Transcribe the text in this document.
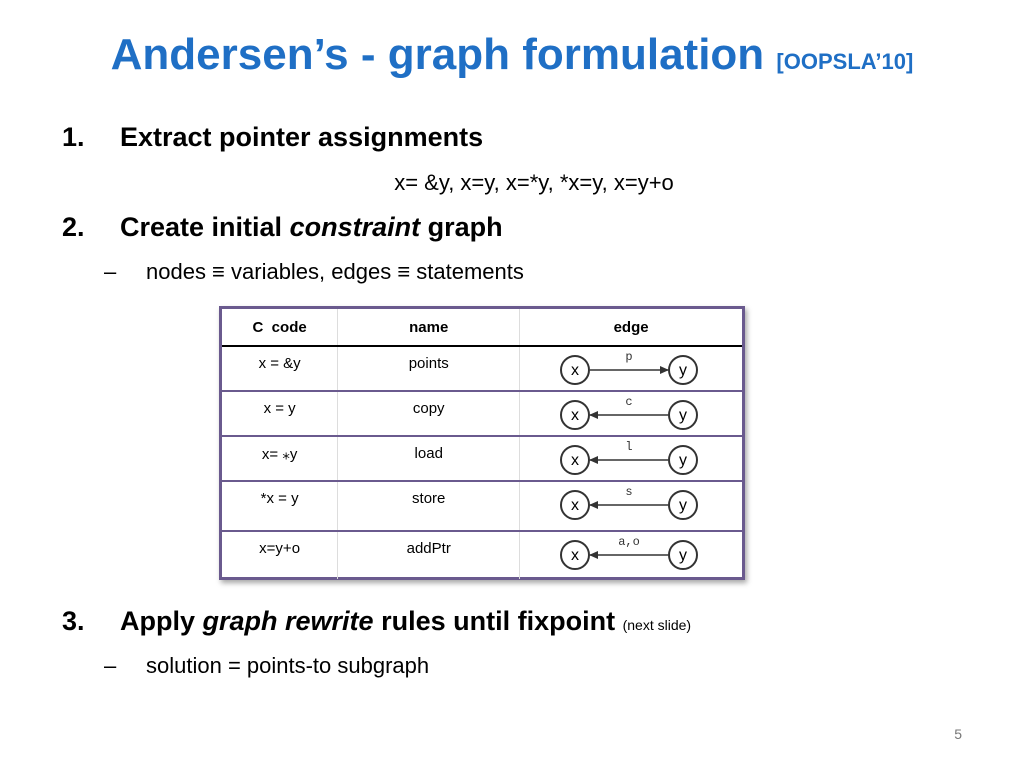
Andersen’s - graph formulation [OOPSLA’10]
1. Extract pointer assignments
x= &y, x=y, x=*y, *x=y, x=y+o
2. Create initial constraint graph
– nodes ≡ variables, edges ≡ statements
C  code	name	edge
x = &y	points	x y
p

x = y	copy	x y
c

x= ⁎y	load	x y
l

*x = y	store	x y
s

x=y+o	addPtr	x y
a,o
3. Apply graph rewrite rules until fixpoint (next slide)
– solution = points-to subgraph
5
